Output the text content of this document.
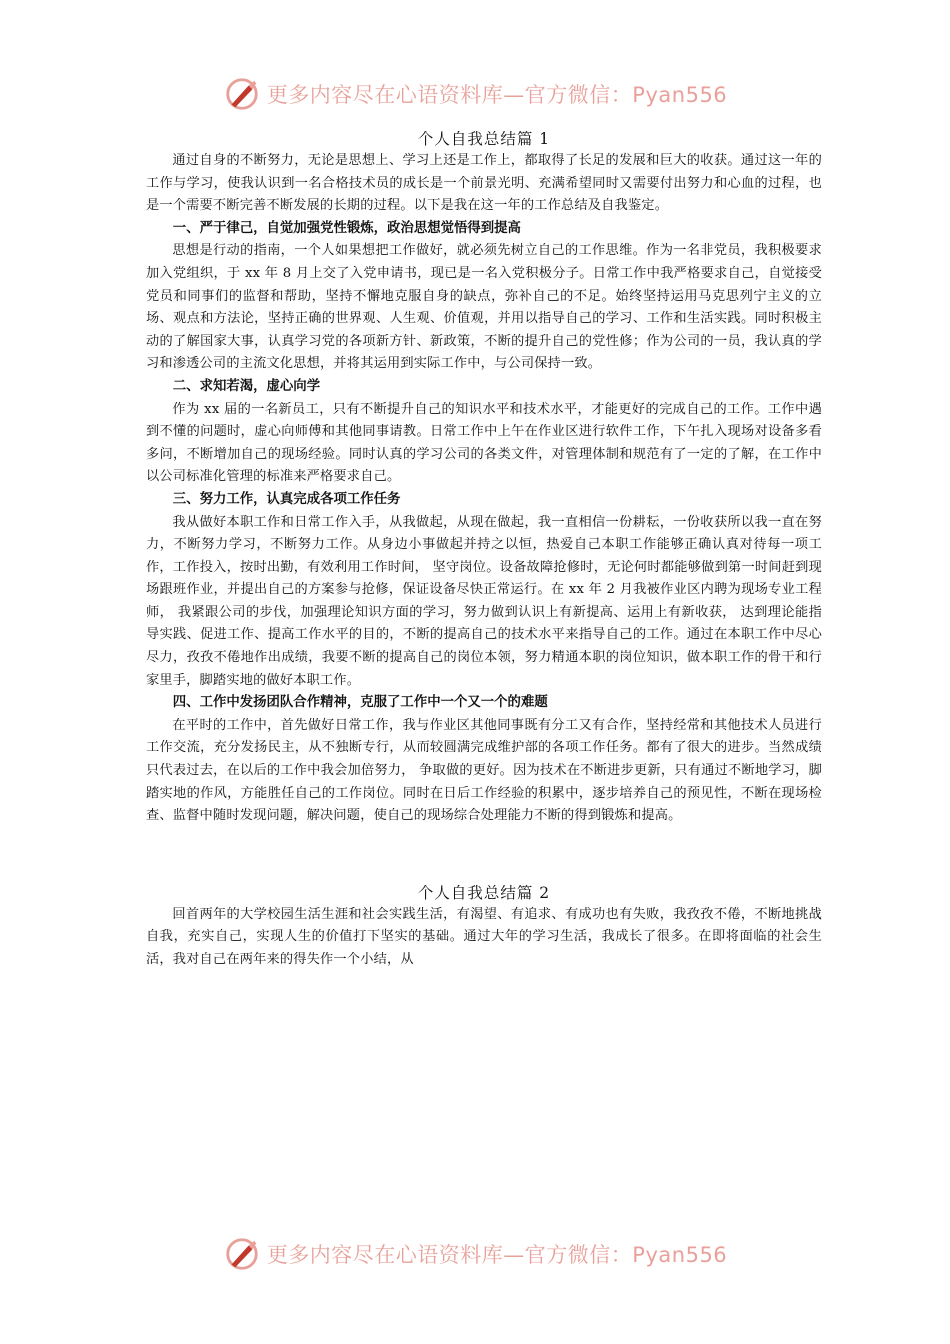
更多内容尽在心语资料库—官方微信：Pyan556
个人自我总结篇 1

通过自身的不断努力，无论是思想上、学习上还是工作上，都取得了长足的发展和巨大的收获。通过这一年的工作与学习，使我认识到一名合格技术员的成长是一个前景光明、充满希望同时又需要付出努力和心血的过程，也是一个需要不断完善不断发展的长期的过程。以下是我在这一年的工作总结及自我鉴定。

一、严于律己，自觉加强党性锻炼，政治思想觉悟得到提高

思想是行动的指南，一个人如果想把工作做好，就必须先树立自己的工作思维。作为一名非党员，我积极要求加入党组织，于 xx 年 8 月上交了入党申请书，现已是一名入党积极分子。日常工作中我严格要求自己，自觉接受党员和同事们的监督和帮助，坚持不懈地克服自身的缺点，弥补自己的不足。始终坚持运用马克思列宁主义的立场、观点和方法论，坚持正确的世界观、人生观、价值观，并用以指导自己的学习、工作和生活实践。同时积极主动的了解国家大事，认真学习党的各项新方针、新政策，不断的提升自己的党性修；作为公司的一员，我认真的学习和渗透公司的主流文化思想，并将其运用到实际工作中，与公司保持一致。

二、求知若渴，虚心向学

作为 xx 届的一名新员工，只有不断提升自己的知识水平和技术水平，才能更好的完成自己的工作。工作中遇到不懂的问题时，虚心向师傅和其他同事请教。日常工作中上午在作业区进行软件工作，下午扎入现场对设备多看多问，不断增加自己的现场经验。同时认真的学习公司的各类文件，对管理体制和规范有了一定的了解，在工作中以公司标准化管理的标准来严格要求自己。

三、努力工作，认真完成各项工作任务

我从做好本职工作和日常工作入手，从我做起，从现在做起，我一直相信一份耕耘，一份收获所以我一直在努力，不断努力学习，不断努力工作。从身边小事做起并持之以恒，热爱自己本职工作能够正确认真对待每一项工作，工作投入，按时出勤，有效利用工作时间， 坚守岗位。设备故障抢修时，无论何时都能够做到第一时间赶到现场跟班作业，并提出自己的方案参与抢修，保证设备尽快正常运行。在 xx 年 2 月我被作业区内聘为现场专业工程师， 我紧跟公司的步伐，加强理论知识方面的学习，努力做到认识上有新提高、运用上有新收获， 达到理论能指导实践、促进工作、提高工作水平的目的，不断的提高自己的技术水平来指导自己的工作。通过在本职工作中尽心尽力，孜孜不倦地作出成绩，我要不断的提高自己的岗位本领，努力精通本职的岗位知识，做本职工作的骨干和行家里手，脚踏实地的做好本职工作。

四、工作中发扬团队合作精神，克服了工作中一个又一个的难题

在平时的工作中，首先做好日常工作，我与作业区其他同事既有分工又有合作，坚持经常和其他技术人员进行工作交流，充分发扬民主，从不独断专行，从而较圆满完成维护部的各项工作任务。都有了很大的进步。当然成绩只代表过去，在以后的工作中我会加倍努力， 争取做的更好。因为技术在不断进步更新，只有通过不断地学习，脚踏实地的作风，方能胜任自己的工作岗位。同时在日后工作经验的积累中，逐步培养自己的预见性，不断在现场检查、监督中随时发现问题，解决问题，使自己的现场综合处理能力不断的得到锻炼和提高。

个人自我总结篇 2

回首两年的大学校园生活生涯和社会实践生活，有渴望、有追求、有成功也有失败，我孜孜不倦，不断地挑战自我，充实自己，实现人生的价值打下坚实的基础。通过大年的学习生活，我成长了很多。在即将面临的社会生活，我对自己在两年来的得失作一个小结，从

更多内容尽在心语资料库—官方微信：Pyan556
